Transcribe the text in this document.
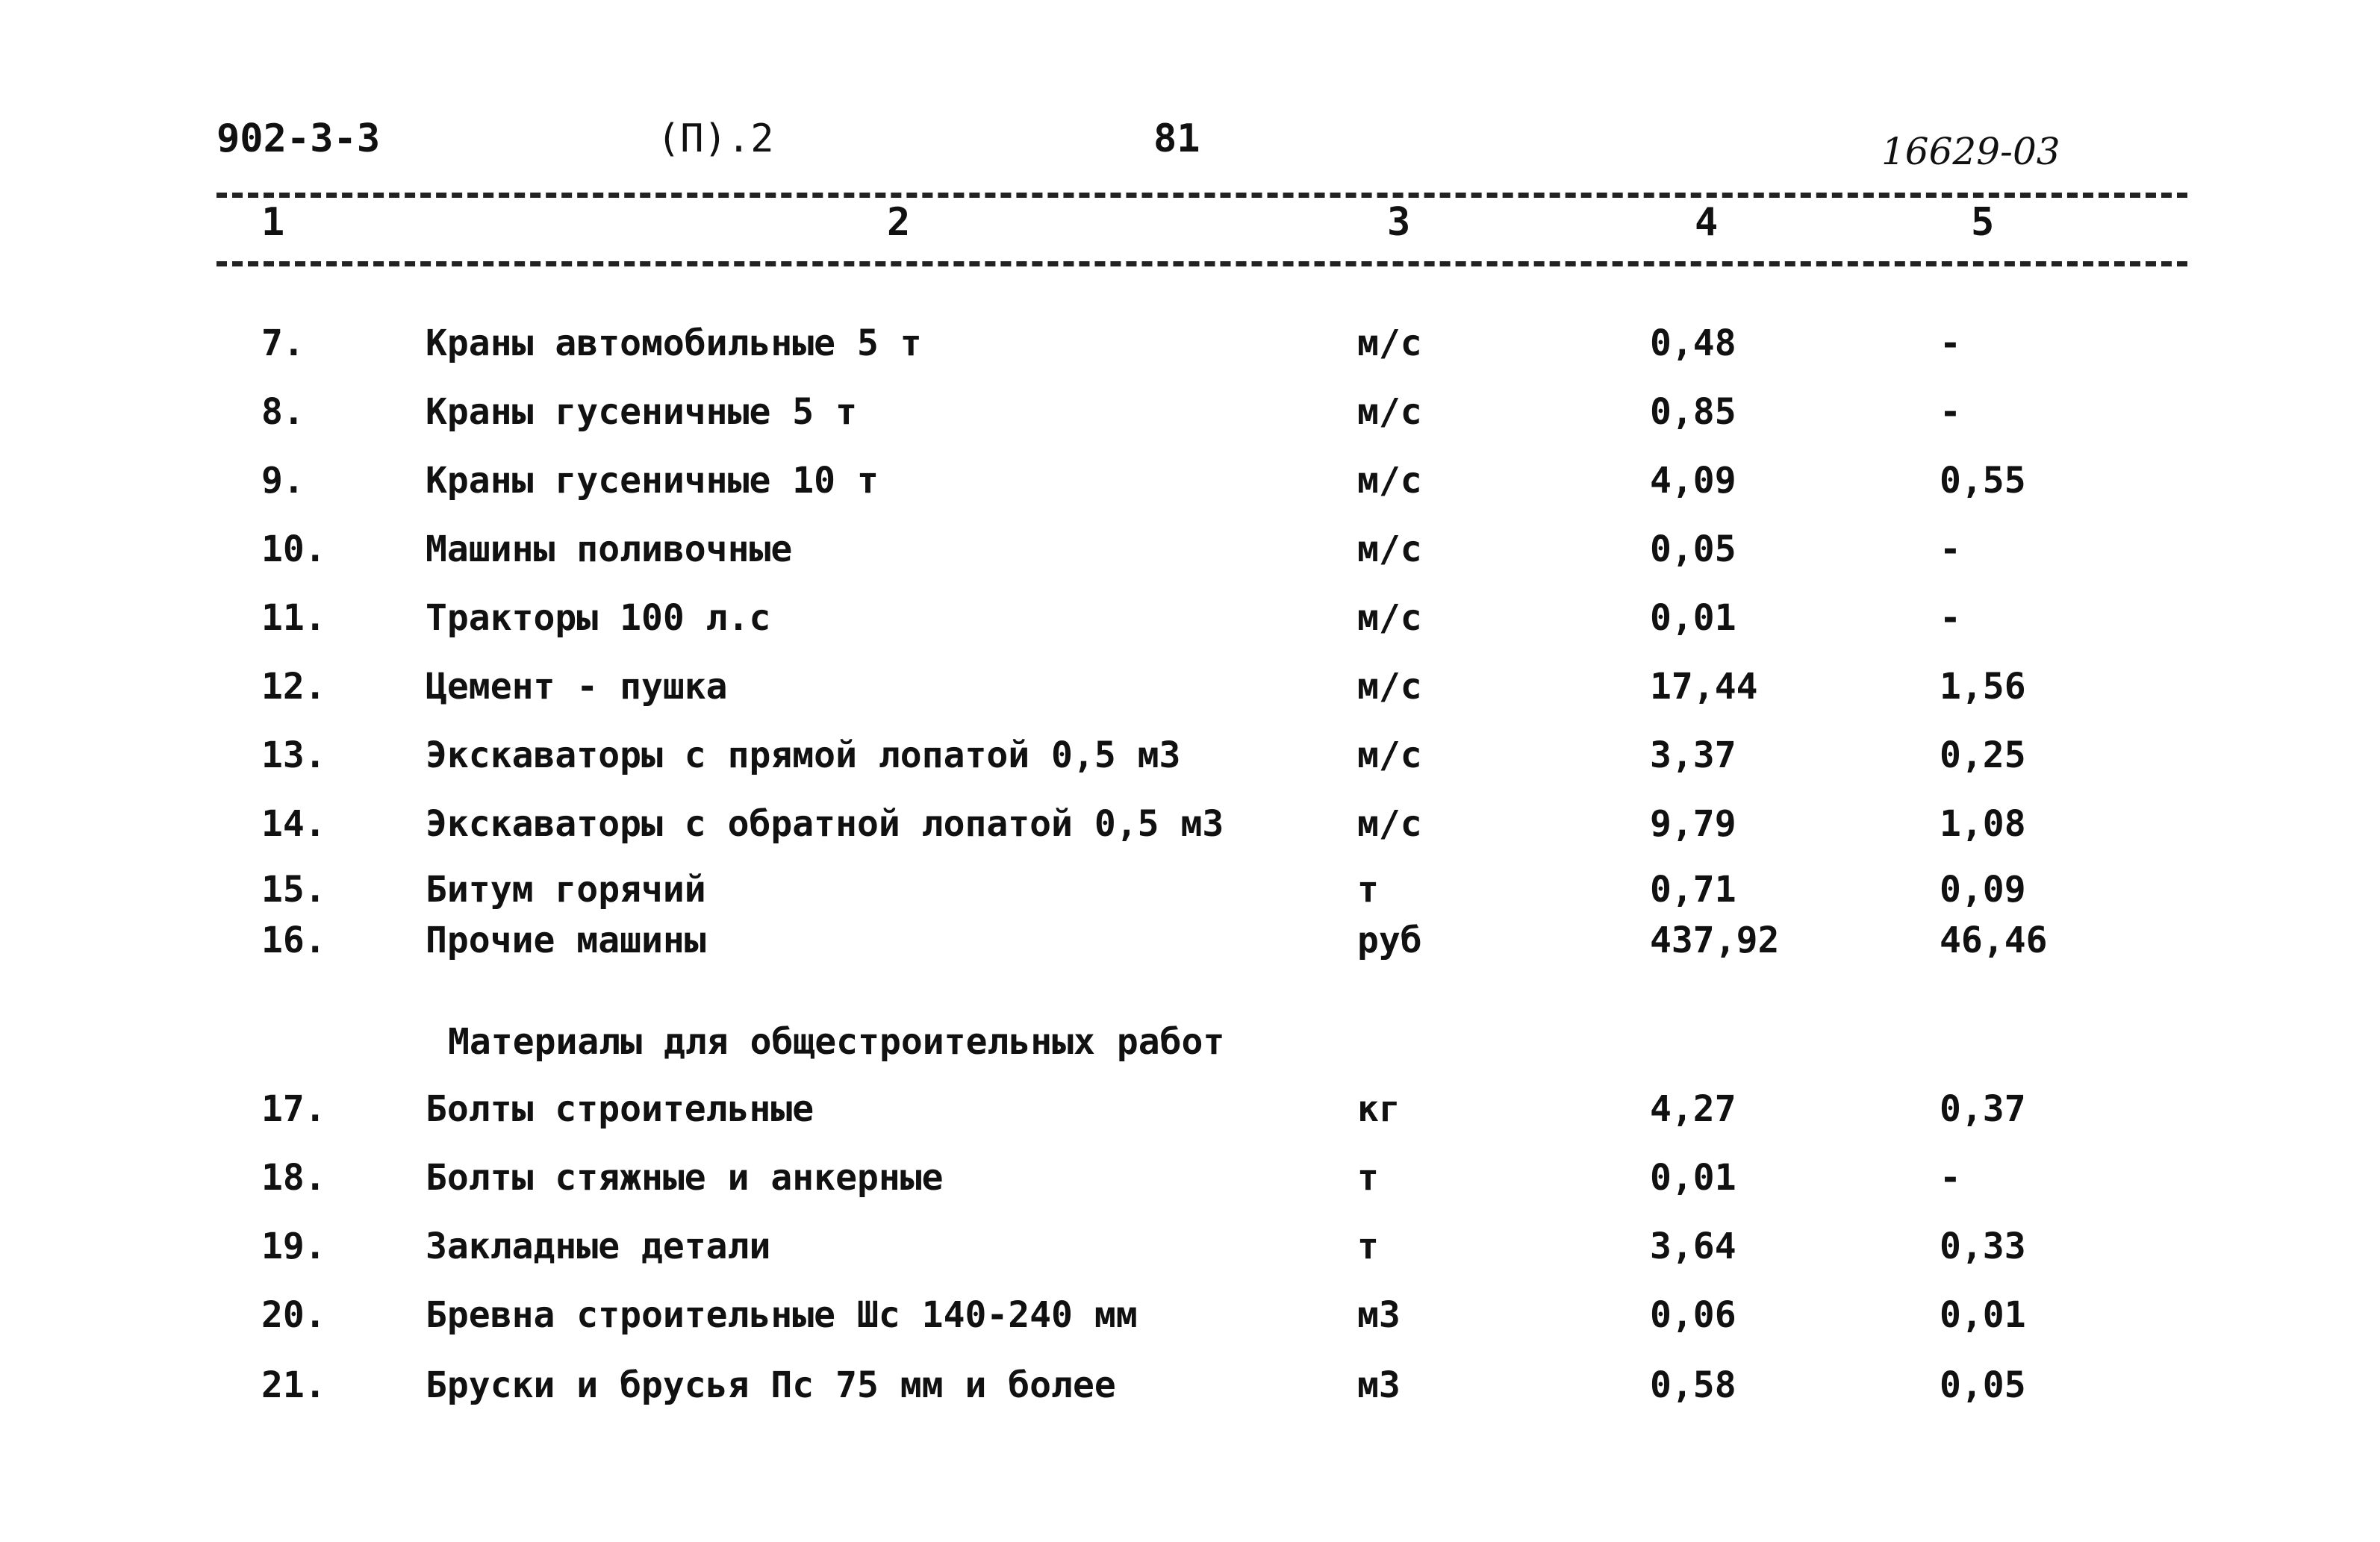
902-3-3	(П).2	81	16629-03
1	2	3	4	5
7.	Краны автомобильные 5 т	м/с	0,48	-
8.	Краны гусеничные 5 т	м/с	0,85	-
9.	Краны гусеничные 10 т	м/с	4,09	0,55
10.	Машины поливочные	м/с	0,05	-
11.	Тракторы 100 л.с	м/с	0,01	-
12.	Цемент - пушка	м/с	17,44	1,56
13.	Экскаваторы с прямой лопатой 0,5 м3	м/с	3,37	0,25
14.	Экскаваторы с обратной лопатой 0,5 м3	м/с	9,79	1,08
15.	Битум горячий	т	0,71	0,09
16.	Прочие машины	руб	437,92	46,46
Материалы для общестроительных работ
17.	Болты строительные	кг	4,27	0,37
18.	Болты стяжные и анкерные	т	0,01	-
19.	Закладные детали	т	3,64	0,33
20.	Бревна строительные Шс 140-240 мм	м3	0,06	0,01
21.	Бруски и брусья Пс 75 мм и более	м3	0,58	0,05
